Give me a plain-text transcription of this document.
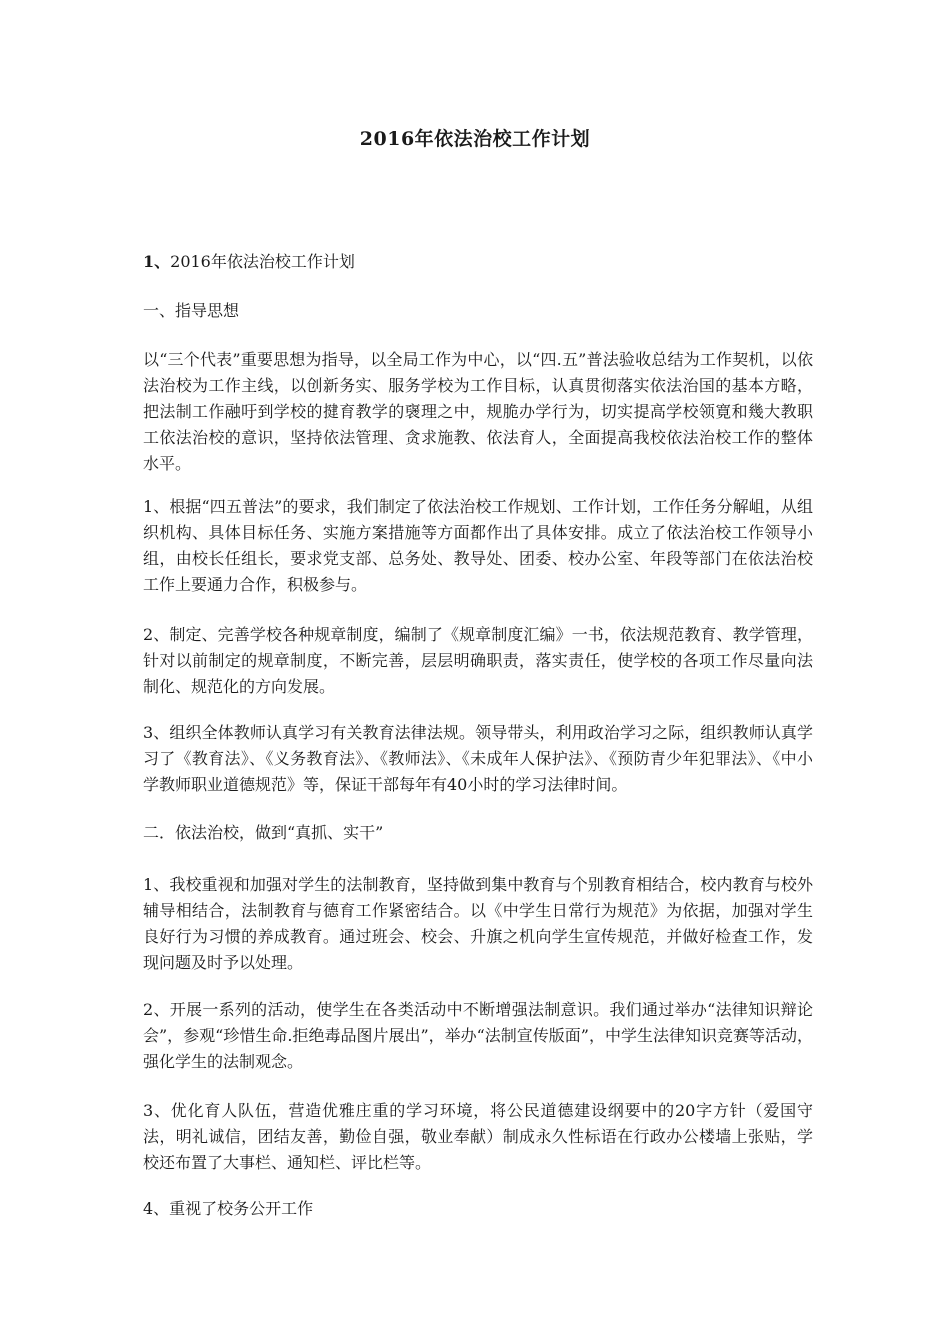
2016年依法治校工作计划
1、2016年依法治校工作计划
一、指导思想
以“三个代表”重要思想为指导，以全局工作为中心，以“四.五”普法验收总结为工作契机，以依法治校为工作主线，以创新务实、服务学校为工作目标，认真贯彻落实依法治国的基本方略，把法制工作融吁到学校的揵育教学的襃理之中，规脆办学行为，切实提高学校领寛和幾大教职工依法治校的意识，坚持依法管理、贪求施教、依法育人，全面提高我校依法治校工作的整体水平。
1、根据“四五普法”的要求，我们制定了依法治校工作规划、工作计划，工作任务分解岨，从组织机构、具体目标任务、实施方案措施等方面都作出了具体安排。成立了依法治校工作领导小组，由校长任组长，要求党支部、总务处、教导处、团委、校办公室、年段等部门在依法治校工作上要通力合作，积极参与。
2、制定、完善学校各种规章制度，编制了《规章制度汇编》一书，依法规范教育、教学管理，针对以前制定的规章制度，不断完善，层层明确职责，落实责任，使学校的各项工作尽量向法制化、规范化的方向发展。
3、组织全体教师认真学习有关教育法律法规。领导带头，利用政治学习之际，组织教师认真学习了《教育法》、《义务教育法》、《教师法》、《未成年人保护法》、《预防青少年犯罪法》、《中小学教师职业道德规范》等，保证干部每年有40小时的学习法律时间。
二．依法治校，做到“真抓、实干”
1、我校重视和加强对学生的法制教育，坚持做到集中教育与个别教育相结合，校内教育与校外辅导相结合，法制教育与德育工作紧密结合。以《中学生日常行为规范》为依据，加强对学生良好行为习惯的养成教育。通过班会、校会、升旗之机向学生宣传规范，并做好检查工作，发现问题及时予以处理。
2、开展一系列的活动，使学生在各类活动中不断增强法制意识。我们通过举办“法律知识辩论会”，参观“珍惜生命.拒绝毒品图片展出”，举办“法制宣传版面”，中学生法律知识竞赛等活动，强化学生的法制观念。
3、优化育人队伍，营造优雅庄重的学习环境，将公民道德建设纲要中的20字方针（爱国守法，明礼诚信，团结友善，勤俭自强，敬业奉献）制成永久性标语在行政办公楼墙上张贴，学校还布置了大事栏、通知栏、评比栏等。
4、重视了校务公开工作
